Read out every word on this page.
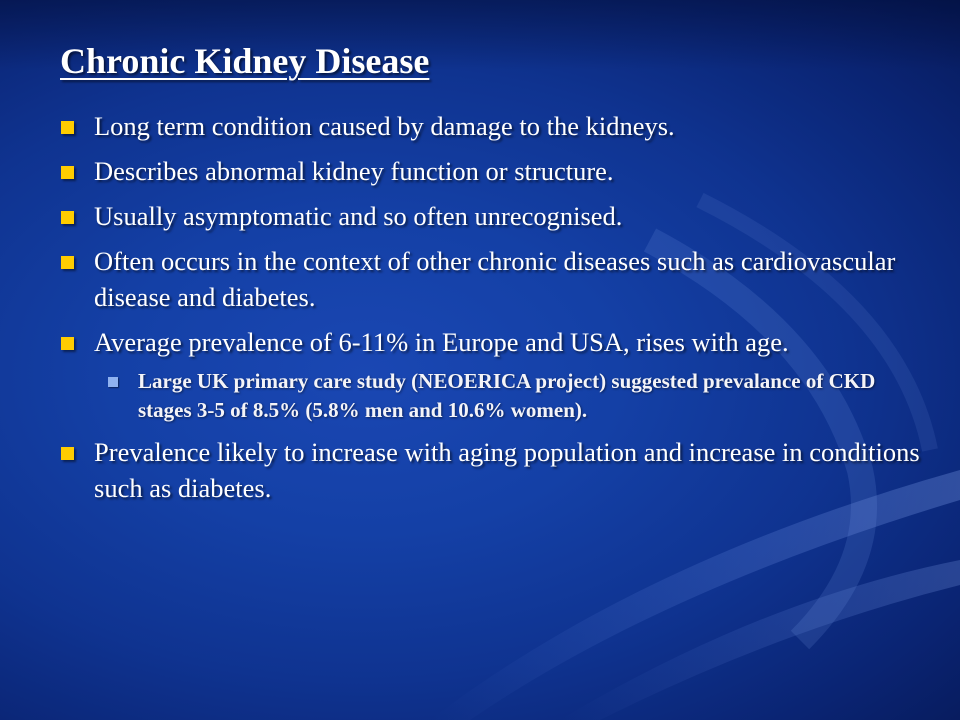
Chronic Kidney Disease
Long term condition caused by damage to the kidneys.
Describes abnormal kidney function or structure.
Usually asymptomatic and so often unrecognised.
Often occurs in the context of other chronic diseases such as cardiovascular disease and diabetes.
Average prevalence of 6-11% in Europe and USA, rises with age.
Large UK primary care study (NEOERICA project) suggested prevalance of CKD stages 3-5 of 8.5% (5.8% men and 10.6% women).
Prevalence likely to increase with aging population and increase in conditions such as diabetes.
